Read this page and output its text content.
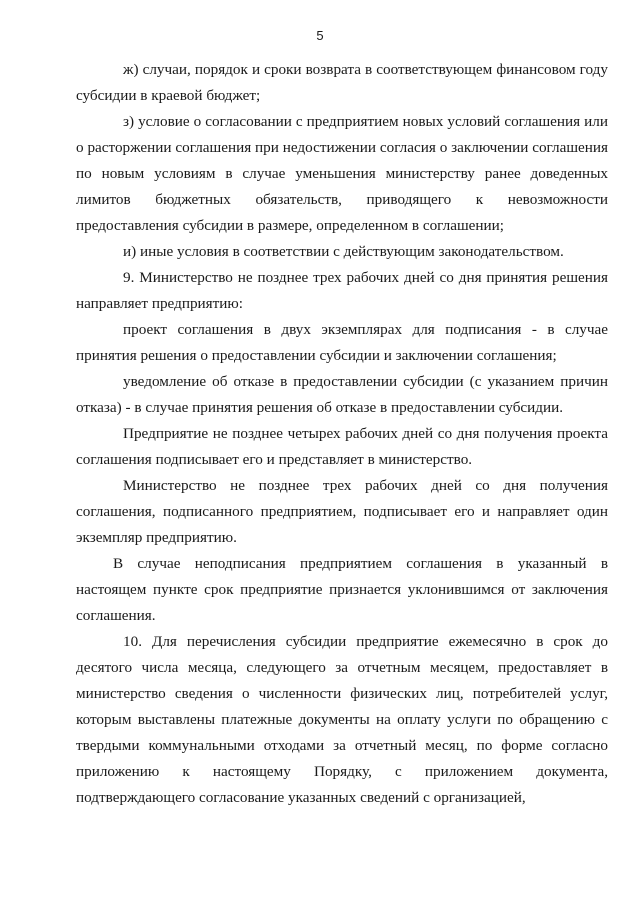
5

ж) случаи, порядок и сроки возврата в соответствующем финансовом году субсидии в краевой бюджет;

з) условие о согласовании с предприятием новых условий соглашения или о расторжении соглашения при недостижении согласия о заключении соглашения по новым условиям в случае уменьшения министерству ранее доведенных лимитов бюджетных обязательств, приводящего к невозможности предоставления субсидии в размере, определенном в соглашении;

и) иные условия в соответствии с действующим законодательством.

9. Министерство не позднее трех рабочих дней со дня принятия решения направляет предприятию:

проект соглашения в двух экземплярах для подписания - в случае принятия решения о предоставлении субсидии и заключении соглашения;

уведомление об отказе в предоставлении субсидии (с указанием причин отказа) - в случае принятия решения об отказе в предоставлении субсидии.

Предприятие не позднее четырех рабочих дней со дня получения проекта соглашения подписывает его и представляет в министерство.

Министерство не позднее трех рабочих дней со дня получения соглашения, подписанного предприятием, подписывает его и направляет один экземпляр предприятию.

В случае неподписания предприятием соглашения в указанный в настоящем пункте срок предприятие признается уклонившимся от заключения соглашения.

10. Для перечисления субсидии предприятие ежемесячно в срок до десятого числа месяца, следующего за отчетным месяцем, предоставляет в министерство сведения о численности физических лиц, потребителей услуг, которым выставлены платежные документы на оплату услуги по обращению с твердыми коммунальными отходами за отчетный месяц, по форме согласно приложению к настоящему Порядку, с приложением документа, подтверждающего согласование указанных сведений с организацией,
